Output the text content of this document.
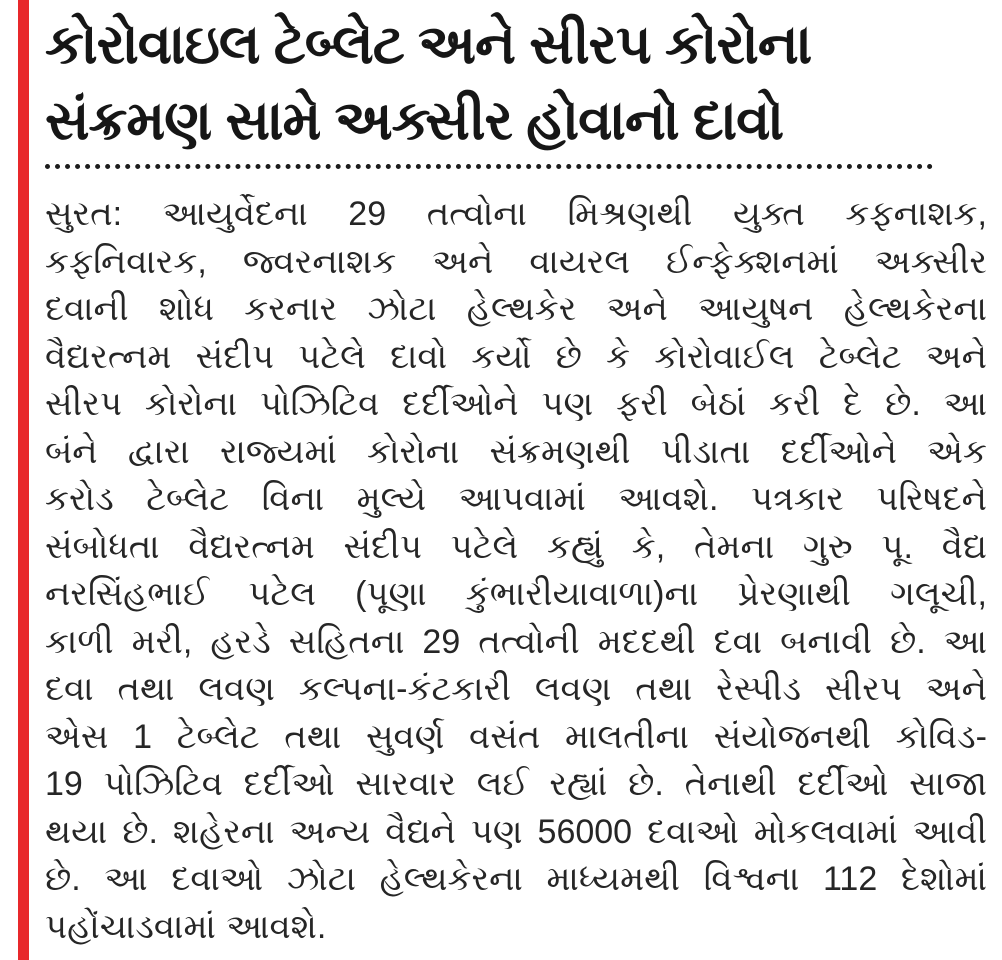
કોરોવાઇલ ટેબ્લેટ અને સીરપ કોરોના
સંક્રમણ સામે અક્સીર હોવાનો દાવો
સુરત: આયુર્વેદના 29 તત્વોના મિશ્રણથી યુક્ત કફનાશક,
કફનિવારક, જ્વરનાશક અને વાયરલ ઈન્ફેક્શનમાં અક્સીર
દવાની શોધ કરનાર ઝોટા હેલ્થકેર અને આયુષન હેલ્થકેરના
વૈદ્યરત્નમ સંદીપ પટેલે દાવો કર્યો છે કે કોરોવાઈલ ટેબ્લેટ અને
સીરપ કોરોના પોઝિટિવ દર્દીઓને પણ ફરી બેઠાં કરી દે છે. આ
બંને દ્વારા રાજ્યમાં કોરોના સંક્રમણથી પીડાતા દર્દીઓને એક
કરોડ ટેબ્લેટ વિના મુલ્યે આપવામાં આવશે. પત્રકાર પરિષદને
સંબોધતા વૈદ્યરત્નમ સંદીપ પટેલે કહ્યું કે, તેમના ગુરુ પૂ. વૈદ્ય
નરસિંહભાઈ પટેલ (પૂણા કુંભારીયાવાળા)ના પ્રેરણાથી ગલૂચી,
કાળી મરી, હરડે સહિતના 29 તત્વોની મદદથી દવા બનાવી છે. આ
દવા તથા લવણ કલ્પના-કંટકારી લવણ તથા રેસ્પીડ સીરપ અને
એસ 1 ટેબ્લેટ તથા સુવર્ણ વસંત માલતીના સંયોજનથી કોવિડ-
19 પોઝિટિવ દર્દીઓ સારવાર લઈ રહ્યાં છે. તેનાથી દર્દીઓ સાજા
થયા છે. શહેરના અન્ય વૈદ્યને પણ 56000 દવાઓ મોકલવામાં આવી
છે. આ દવાઓ ઝોટા હેલ્થકેરના માધ્યમથી વિશ્વના 112 દેશોમાં
પહોંચાડવામાં આવશે.
